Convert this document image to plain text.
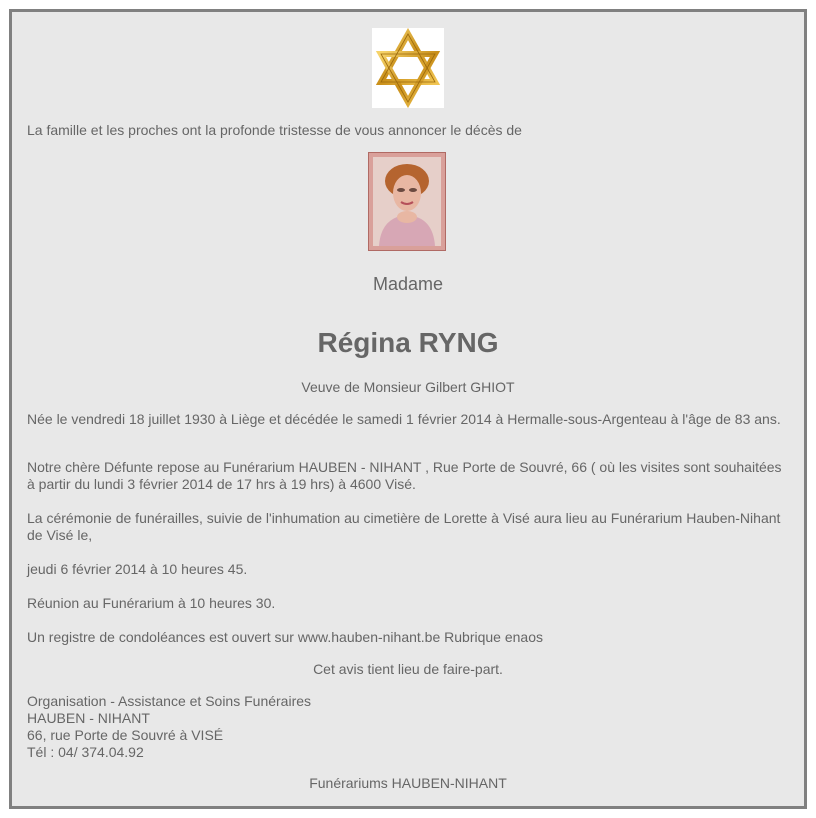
La famille et les proches ont la profonde tristesse de vous annoncer le décès de
Madame
Régina RYNG
Veuve de Monsieur Gilbert GHIOT
Née le vendredi 18 juillet 1930 à Liège et décédée le samedi 1 février 2014 à Hermalle-sous-Argenteau à l'âge de 83 ans.
Notre chère Défunte repose au Funérarium HAUBEN - NIHANT , Rue Porte de Souvré, 66 ( où les visites sont souhaitées à partir du lundi 3 février 2014 de 17 hrs à 19 hrs) à 4600 Visé.
La cérémonie de funérailles, suivie de l'inhumation au cimetière de Lorette à Visé aura lieu au Funérarium Hauben-Nihant de Visé le,
jeudi 6 février 2014 à 10 heures 45.
Réunion au Funérarium à 10 heures 30.
Un registre de condoléances est ouvert sur www.hauben-nihant.be Rubrique enaos
Cet avis tient lieu de faire-part.
Organisation - Assistance et Soins Funéraires
HAUBEN - NIHANT
66, rue Porte de Souvré à VISÉ
Tél : 04/ 374.04.92
Funérariums HAUBEN-NIHANT
